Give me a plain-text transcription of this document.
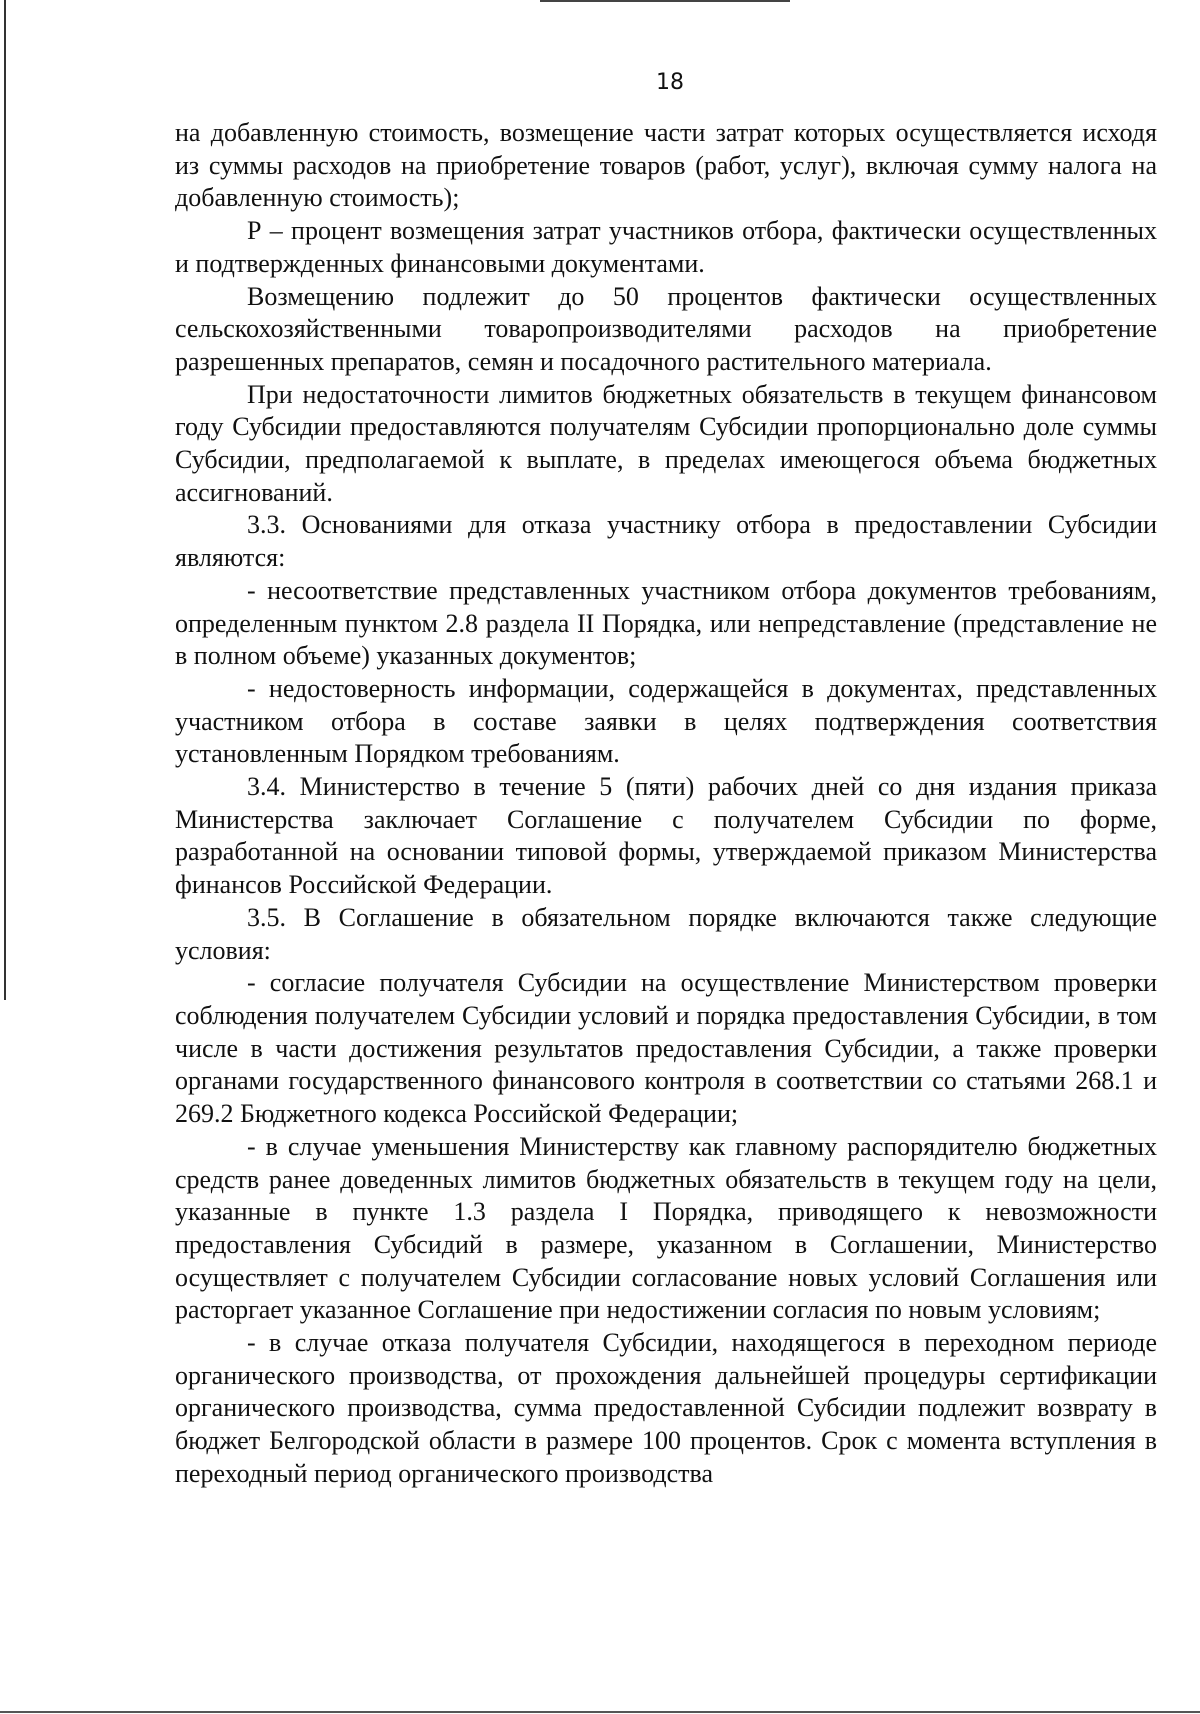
18

на добавленную стоимость, возмещение части затрат которых осуществляется исходя из суммы расходов на приобретение товаров (работ, услуг), включая сумму налога на добавленную стоимость);

Р – процент возмещения затрат участников отбора, фактически осуществленных и подтвержденных финансовыми документами.

Возмещению подлежит до 50 процентов фактически осуществленных сельскохозяйственными товаропроизводителями расходов на приобретение разрешенных препаратов, семян и посадочного растительного материала.

При недостаточности лимитов бюджетных обязательств в текущем финансовом году Субсидии предоставляются получателям Субсидии пропорционально доле суммы Субсидии, предполагаемой к выплате, в пределах имеющегося объема бюджетных ассигнований.

3.3. Основаниями для отказа участнику отбора в предоставлении Субсидии являются:

- несоответствие представленных участником отбора документов требованиям, определенным пунктом 2.8 раздела II Порядка, или непредставление (представление не в полном объеме) указанных документов;

- недостоверность информации, содержащейся в документах, представленных участником отбора в составе заявки в целях подтверждения соответствия установленным Порядком требованиям.

3.4. Министерство в течение 5 (пяти) рабочих дней со дня издания приказа Министерства заключает Соглашение с получателем Субсидии по форме, разработанной на основании типовой формы, утверждаемой приказом Министерства финансов Российской Федерации.

3.5. В Соглашение в обязательном порядке включаются также следующие условия:

- согласие получателя Субсидии на осуществление Министерством проверки соблюдения получателем Субсидии условий и порядка предоставления Субсидии, в том числе в части достижения результатов предоставления Субсидии, а также проверки органами государственного финансового контроля в соответствии со статьями 268.1 и 269.2 Бюджетного кодекса Российской Федерации;

- в случае уменьшения Министерству как главному распорядителю бюджетных средств ранее доведенных лимитов бюджетных обязательств в текущем году на цели, указанные в пункте 1.3 раздела I Порядка, приводящего к невозможности предоставления Субсидий в размере, указанном в Соглашении, Министерство осуществляет с получателем Субсидии согласование новых условий Соглашения или расторгает указанное Соглашение при недостижении согласия по новым условиям;

- в случае отказа получателя Субсидии, находящегося в переходном периоде органического производства, от прохождения дальнейшей процедуры сертификации органического производства, сумма предоставленной Субсидии подлежит возврату в бюджет Белгородской области в размере 100 процентов. Срок с момента вступления в переходный период органического производства
